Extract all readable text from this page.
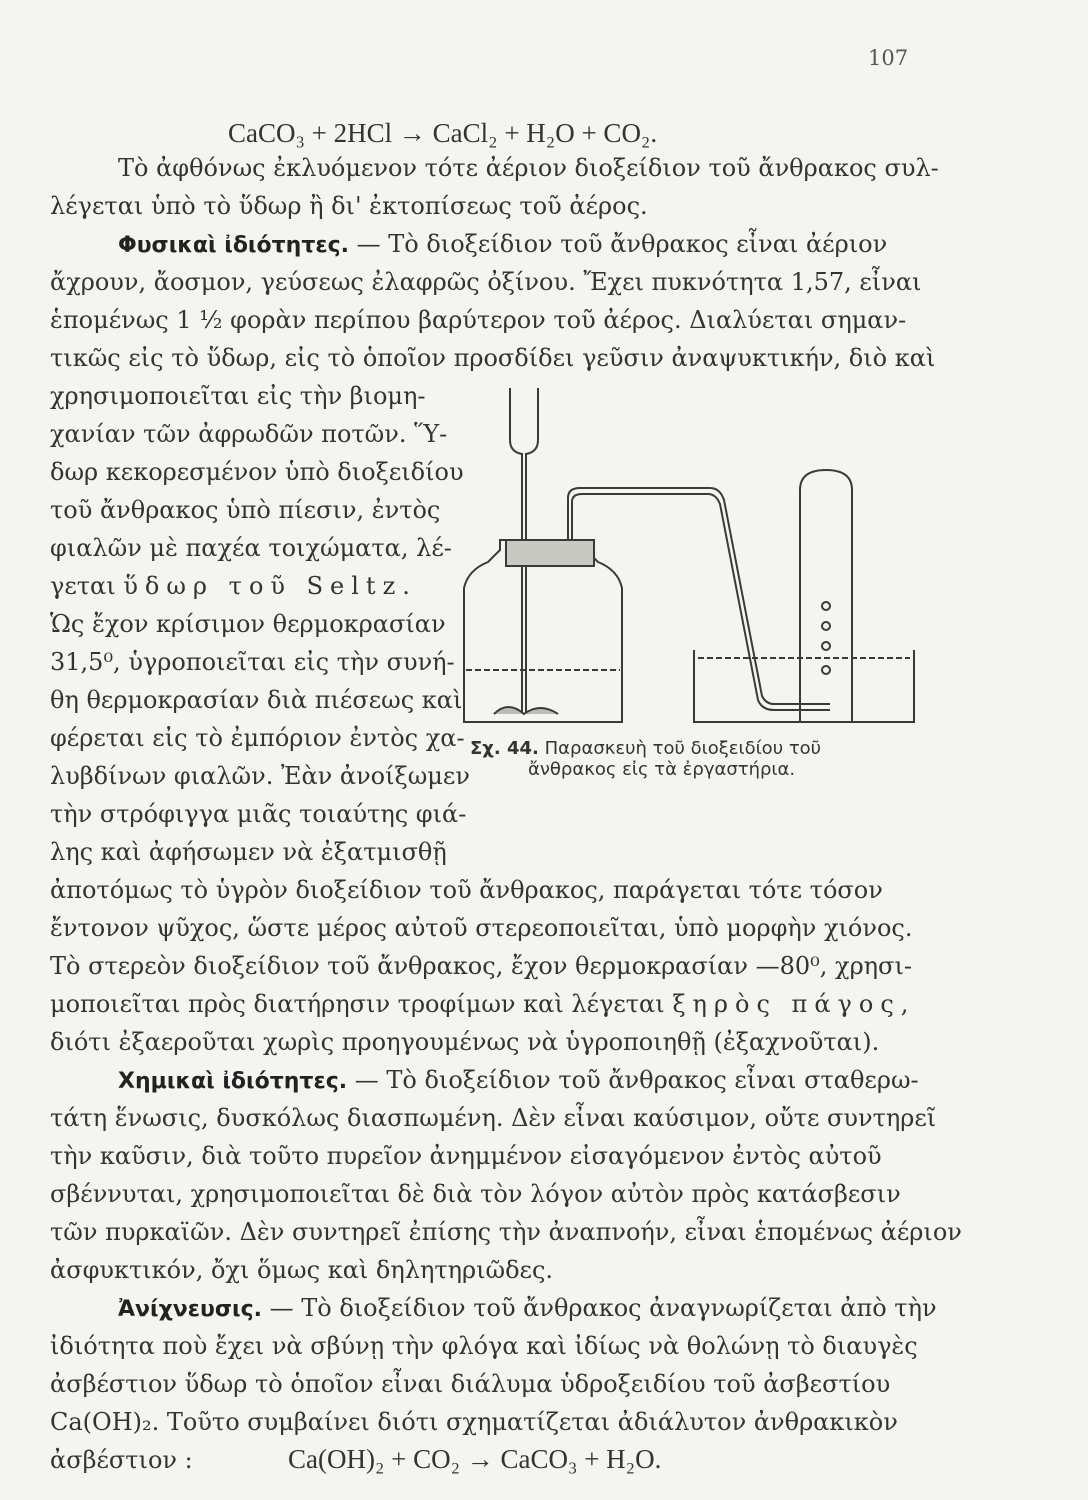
107
CaCO₃ + 2HCl → CaCl₂ + H₂O + CO₂.
Τὸ ἀφθόνως ἐκλυόμενον τότε ἀέριον διοξείδιον τοῦ ἄνθρακος συλ-
λέγεται ὑπὸ τὸ ὕδωρ ἢ δι' ἐκτοπίσεως τοῦ ἀέρος.
Φυσικαὶ ἰδιότητες. — Τὸ διοξείδιον τοῦ ἄνθρακος εἶναι ἀέριον
ἄχρουν, ἄοσμον, γεύσεως ἐλαφρῶς ὀξίνου. Ἔχει πυκνότητα 1,57, εἶναι
ἑπομένως 1 ½ φορὰν περίπου βαρύτερον τοῦ ἀέρος. Διαλύεται σημαν-
τικῶς εἰς τὸ ὕδωρ, εἰς τὸ ὁποῖον προσδίδει γεῦσιν ἀναψυκτικήν, διὸ καὶ
χρησιμοποιεῖται εἰς τὴν βιομη-
χανίαν τῶν ἀφρωδῶν ποτῶν. Ὕ-
δωρ κεκορεσμένον ὑπὸ διοξειδίου
τοῦ ἄνθρακος ὑπὸ πίεσιν, ἐντὸς
φιαλῶν μὲ παχέα τοιχώματα, λέ-
γεται ὕδωρ τοῦ Seltz.
Ὡς ἔχον κρίσιμον θερμοκρασίαν
31,5⁰, ὑγροποιεῖται εἰς τὴν συνή-
θη θερμοκρασίαν διὰ πιέσεως καὶ
φέρεται εἰς τὸ ἐμπόριον ἐντὸς χα-
λυβδίνων φιαλῶν. Ἐὰν ἀνοίξωμεν
τὴν στρόφιγγα μιᾶς τοιαύτης φιά-
λης καὶ ἀφήσωμεν νὰ ἐξατμισθῇ
ἀποτόμως τὸ ὑγρὸν διοξείδιον τοῦ ἄνθρακος, παράγεται τότε τόσον
ἔντονον ψῦχος, ὥστε μέρος αὐτοῦ στερεοποιεῖται, ὑπὸ μορφὴν χιόνος.
Τὸ στερεὸν διοξείδιον τοῦ ἄνθρακος, ἔχον θερμοκρασίαν —80⁰, χρησι-
μοποιεῖται πρὸς διατήρησιν τροφίμων καὶ λέγεται ξηρὸς πάγος,
διότι ἐξαεροῦται χωρὶς προηγουμένως νὰ ὑγροποιηθῇ (ἐξαχνοῦται).
Χημικαὶ ἰδιότητες. — Τὸ διοξείδιον τοῦ ἄνθρακος εἶναι σταθερω-
τάτη ἕνωσις, δυσκόλως διασπωμένη. Δὲν εἶναι καύσιμον, οὔτε συντηρεῖ
τὴν καῦσιν, διὰ τοῦτο πυρεῖον ἀνημμένον εἰσαγόμενον ἐντὸς αὐτοῦ
σβέννυται, χρησιμοποιεῖται δὲ διὰ τὸν λόγον αὐτὸν πρὸς κατάσβεσιν
τῶν πυρκαϊῶν. Δὲν συντηρεῖ ἐπίσης τὴν ἀναπνοήν, εἶναι ἑπομένως ἀέριον
ἀσφυκτικόν, ὄχι ὅμως καὶ δηλητηριῶδες.
Ἀνίχνευσις. — Τὸ διοξείδιον τοῦ ἄνθρακος ἀναγνωρίζεται ἀπὸ τὴν
ἰδιότητα ποὺ ἔχει νὰ σβύνῃ τὴν φλόγα καὶ ἰδίως νὰ θολώνῃ τὸ διαυγὲς
ἀσβέστιον ὕδωρ τὸ ὁποῖον εἶναι διάλυμα ὑδροξειδίου τοῦ ἀσβεστίου
Ca(OH)₂. Τοῦτο συμβαίνει διότι σχηματίζεται ἀδιάλυτον ἀνθρακικὸν
ἀσβέστιον :	Ca(OH)₂ + CO₂ → CaCO₃ + H₂O.
Σχ. 44. Παρασκευὴ τοῦ διοξειδίου τοῦ
ἄνθρακος εἰς τὰ ἐργαστήρια.
